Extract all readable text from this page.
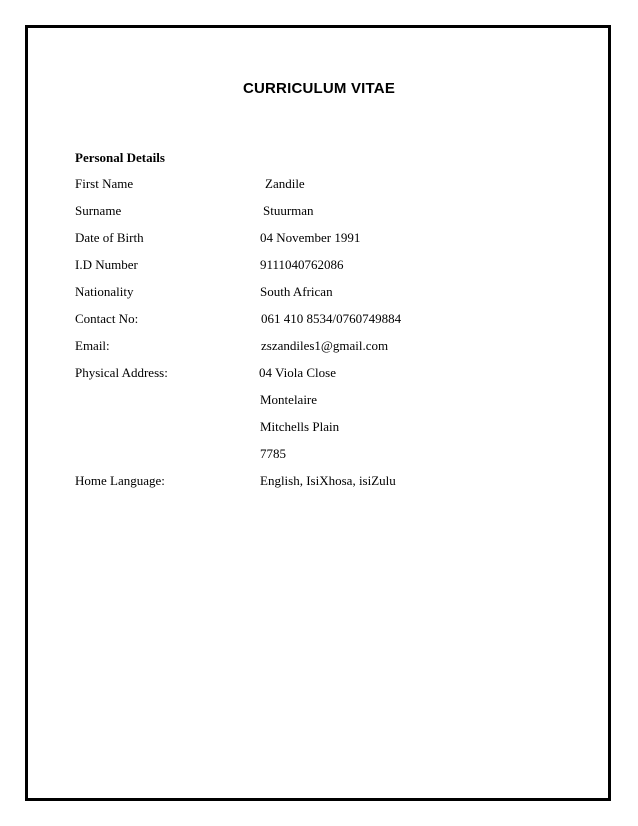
CURRICULUM VITAE
Personal Details
First Name	Zandile
Surname	Stuurman
Date of Birth	04 November 1991
I.D Number	9111040762086
Nationality	South African
Contact No:	061 410 8534/0760749884
Email:	zszandiles1@gmail.com
Physical Address:	04 Viola Close
Montelaire
Mitchells Plain
7785
Home Language:	English, IsiXhosa, isiZulu
